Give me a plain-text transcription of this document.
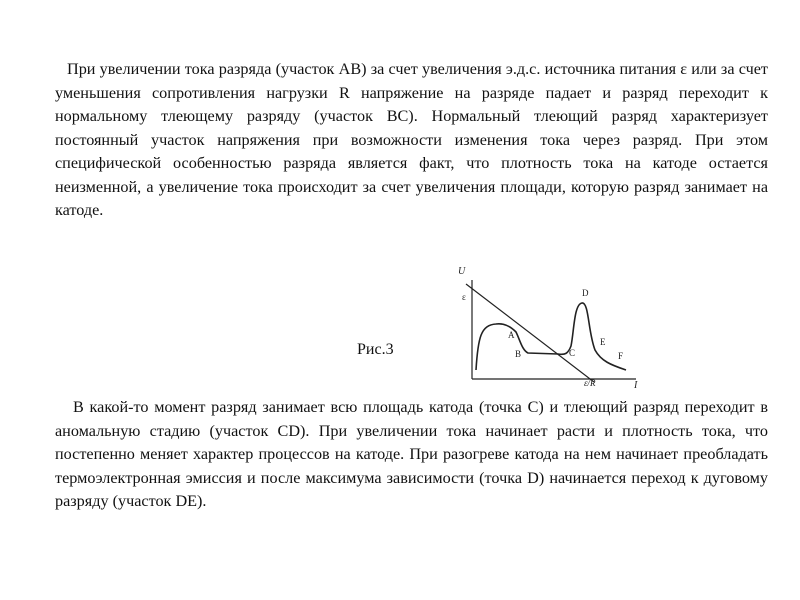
При увеличении тока разряда (участок АВ) за счет увеличения э.д.с. источника питания ε или за счет уменьшения сопротивления нагрузки R напряжение на разряде падает и разряд переходит к нормальному тлеющему разряду (участок ВС). Нормальный тлеющий разряд характеризует постоянный участок напряжения при возможности изменения тока через разряд. При этом специфической особенностью разряда является факт, что плотность тока на катоде остается неизменной, а увеличение тока происходит за счет увеличения площади, которую разряд занимает на катоде.

Рис.3
U
ε
A
B	C
D
E
F
ε/R	I

В какой-то момент разряд занимает всю площадь катода (точка С) и тлеющий разряд переходит в аномальную стадию (участок CD). При увеличении тока начинает расти и плотность тока, что постепенно меняет характер процессов на катоде. При разогреве катода на нем начинает преобладать термоэлектронная эмиссия и после максимума зависимости (точка D) начинается переход к дуговому разряду (участок DE).
